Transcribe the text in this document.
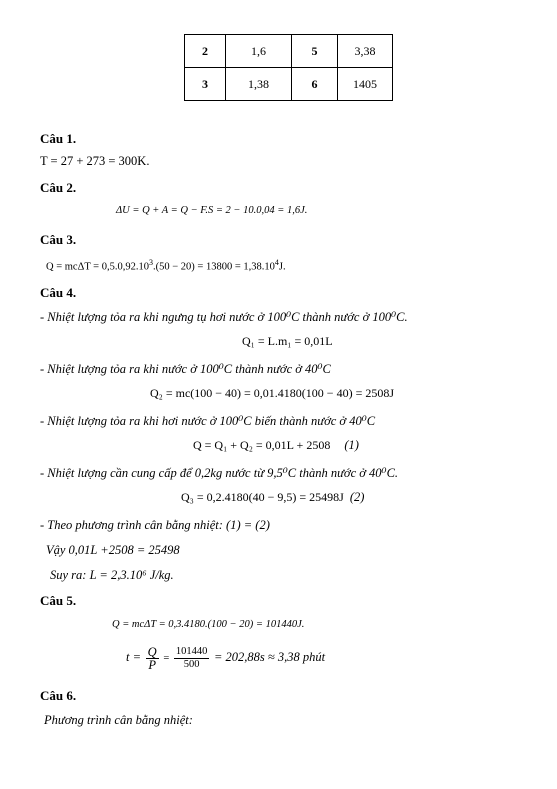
2	1,6	5	3,38
3	1,38	6	1405
Câu 1.
T = 27 + 273 = 300K.
Câu 2.
ΔU = Q + A = Q − F.S = 2 − 10.0,04 = 1,6J.
Câu 3.
$Q = mc\Delta T = 0,5.0,92.10^3.(50 - 20) = 13800 = 1,38.10^4J$.
Câu 4.
- Nhiệt lượng tỏa ra khi ngưng tụ hơi nước ở 100⁰C thành nước ở 100⁰C.
Q₁ = L.m₁ = 0,01L
- Nhiệt lượng tỏa ra khi nước ở 100⁰C thành nước ở 40⁰C
Q₂ = mc(100 − 40) = 0,01.4180(100 − 40) = 2508J
- Nhiệt lượng tỏa ra khi hơi nước ở 100⁰C biến thành nước ở 40⁰C
Q = Q₁ + Q₂ = 0,01L + 2508 (1)
- Nhiệt lượng cần cung cấp để 0,2kg nước từ 9,5⁰C thành nước ở 40⁰C.
Q₃ = 0,2.4180(40 − 9,5) = 25498J (2)
- Theo phương trình cân bằng nhiệt: (1) = (2)
Vậy 0,01L +2508 = 25498
Suy ra: L = 2,3.10⁶ J/kg.
Câu 5.
Q = mcΔT = 0,3.4180.(100 − 20) = 101440J.
$t = \frac{Q}{P} = \frac{101440}{500} = 202,88s \approx 3,38$ phút
Câu 6.
Phương trình cân bằng nhiệt:
